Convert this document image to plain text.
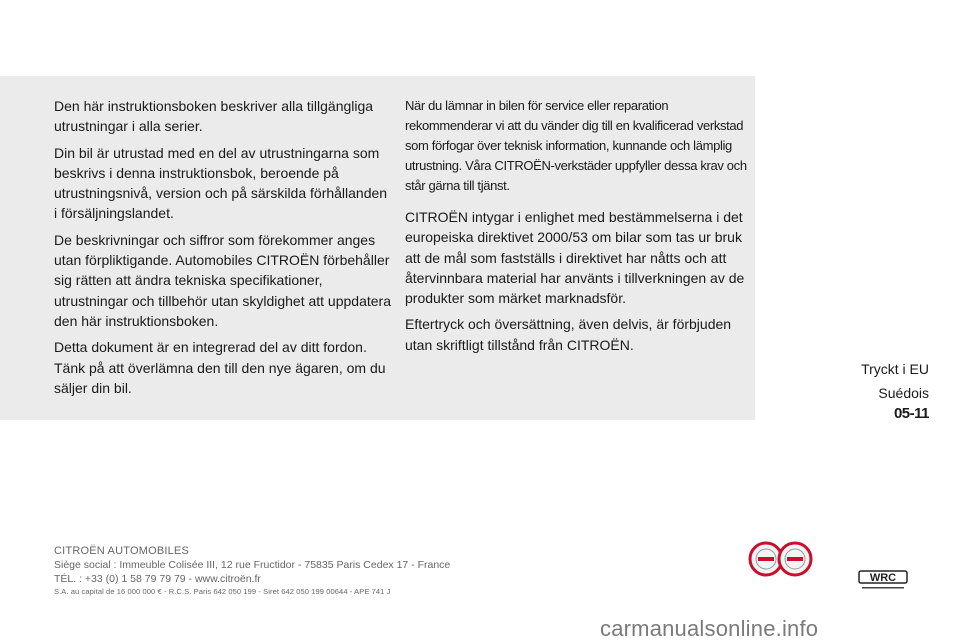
Den här instruktionsboken beskriver alla tillgängliga utrustningar i alla serier.

Din bil är utrustad med en del av utrustningarna som beskrivs i denna instruktionsbok, beroende på utrustningsnivå, version och på särskilda förhållanden i försäljningslandet.

De beskrivningar och siffror som förekommer anges utan förpliktigande. Automobiles CITROËN förbehåller sig rätten att ändra tekniska specifikationer, utrustningar och tillbehör utan skyldighet att uppdatera den här instruktionsboken.

Detta dokument är en integrerad del av ditt fordon. Tänk på att överlämna den till den nye ägaren, om du säljer din bil.

När du lämnar in bilen för service eller reparation rekommenderar vi att du vänder dig till en kvalificerad verkstad som förfogar över teknisk information, kunnande och lämplig utrustning. Våra CITROËN-verkstäder uppfyller dessa krav och står gärna till tjänst.

CITROËN intygar i enlighet med bestämmelserna i det europeiska direktivet 2000/53 om bilar som tas ur bruk att de mål som fastställs i direktivet har nåtts och att återvinnbara material har använts i tillverkningen av de produkter som märket marknadsför.

Eftertryck och översättning, även delvis, är förbjuden utan skriftligt tillstånd från CITROËN.

Tryckt i EU
Suédois
05-11
CITROËN AUTOMOBILES
Siège social : Immeuble Colisée III, 12 rue Fructidor - 75835 Paris Cedex 17 - France
TÉL. : +33 (0) 1 58 79 79 79 - www.citroën.fr
S.A. au capital de 16 000 000 € - R.C.S. Paris 642 050 199 - Siret 642 050 199 00644 - APE 741 J
WRC
carmanualsonline.info
